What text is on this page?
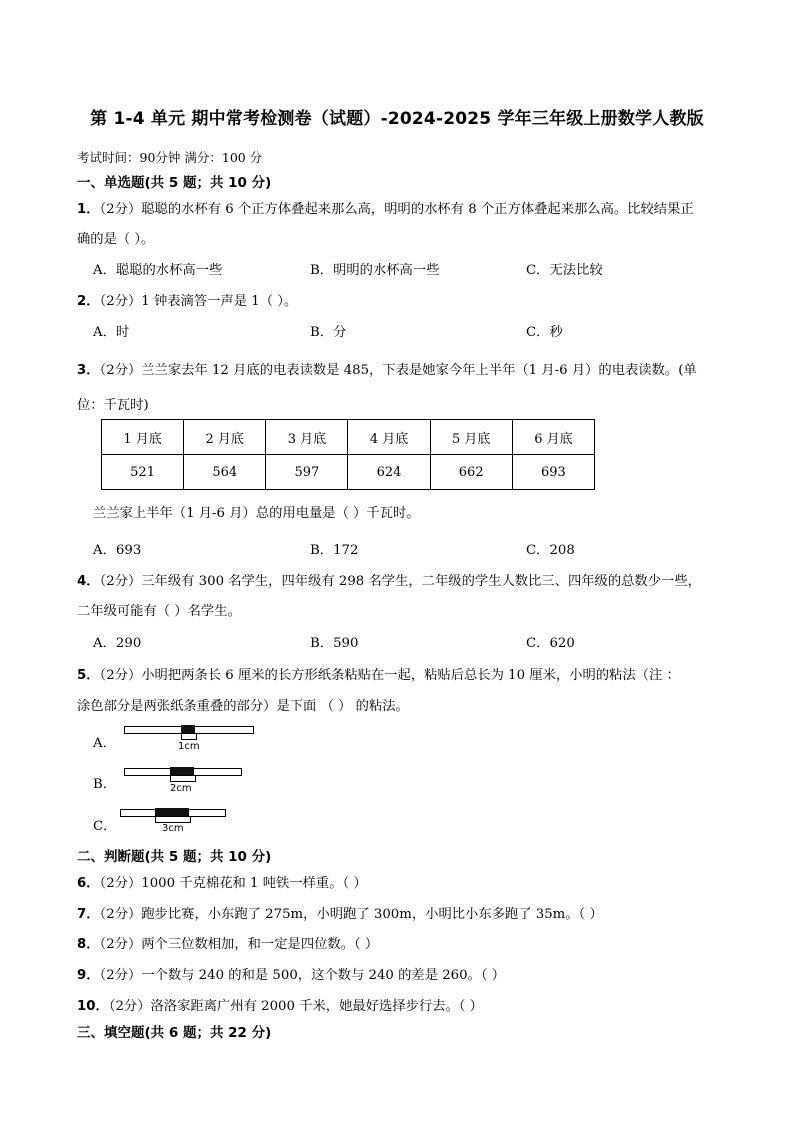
第 1-4 单元 期中常考检测卷（试题）-2024-2025 学年三年级上册数学人教版
考试时间：90分钟 满分：100 分
一、单选题(共 5 题；共 10 分)
1．（2分）聪聪的水杯有 6 个正方体叠起来那么高，明明的水杯有 8 个正方体叠起来那么高。比较结果正
确的是（ ）。
A．聪聪的水杯高一些	B．明明的水杯高一些	C．无法比较
2．（2分）1 钟表滴答一声是 1（ ）。
A．时	B．分	C．秒
3．（2分）兰兰家去年 12 月底的电表读数是 485，下表是她家今年上半年（1 月-6 月）的电表读数。(单
位：千瓦时)
1 月底	2 月底	3 月底	4 月底	5 月底	6 月底
521	564	597	624	662	693
兰兰家上半年（1 月-6 月）总的用电量是（ ）千瓦时。
A．693	B．172	C．208
4．（2分）三年级有 300 名学生，四年级有 298 名学生，二年级的学生人数比三、四年级的总数少一些，
二年级可能有（ ）名学生。
A．290	B．590	C．620
5．（2分）小明把两条长 6 厘米的长方形纸条粘贴在一起，粘贴后总长为 10 厘米，小明的粘法（注 ：
涂色部分是两张纸条重叠的部分）是下面 （ ） 的粘法。
A．	1cm
B．	2cm
C．	3cm
二、判断题(共 5 题；共 10 分)
6．（2分）1000 千克棉花和 1 吨铁一样重。（ ）
7．（2分）跑步比赛，小东跑了 275m，小明跑了 300m，小明比小东多跑了 35m。（ ）
8．（2分）两个三位数相加，和一定是四位数。（ ）
9．（2分）一个数与 240 的和是 500，这个数与 240 的差是 260。（ ）
10．（2分）洛洛家距离广州有 2000 千米，她最好选择步行去。（ ）
三、填空题(共 6 题；共 22 分)
